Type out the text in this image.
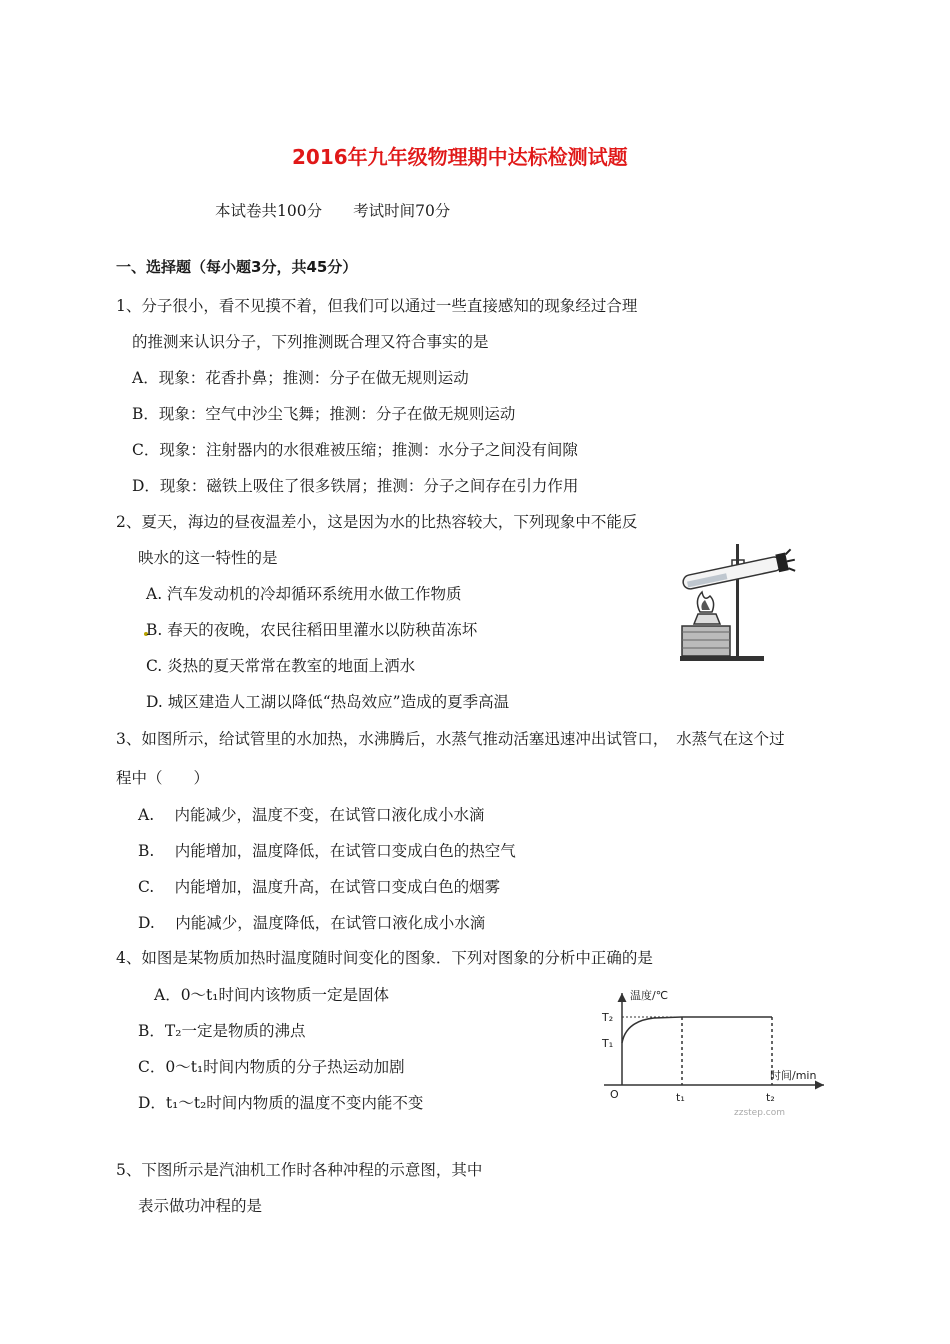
2016年九年级物理期中达标检测试题
本试卷共100分　　考试时间70分
一、选择题（每小题3分，共45分）
1、分子很小，看不见摸不着，但我们可以通过一些直接感知的现象经过合理
的推测来认识分子，下列推测既合理又符合事实的是
A．现象：花香扑鼻；推测：分子在做无规则运动
B．现象：空气中沙尘飞舞；推测：分子在做无规则运动
C．现象：注射器内的水很难被压缩；推测：水分子之间没有间隙
D．现象：磁铁上吸住了很多铁屑；推测：分子之间存在引力作用
2、夏天，海边的昼夜温差小，这是因为水的比热容较大，下列现象中不能反
映水的这一特性的是
A. 汽车发动机的冷却循环系统用水做工作物质
B. 春天的夜晚，农民往稻田里灌水以防秧苗冻坏
C. 炎热的夏天常常在教室的地面上洒水
D. 城区建造人工湖以降低“热岛效应”造成的夏季高温
3、如图所示，给试管里的水加热，水沸腾后，水蒸气推动活塞迅速冲出试管口，　水蒸气在这个过
程中（　　）
A.　 内能减少，温度不变，在试管口液化成小水滴
B.　 内能增加，温度降低，在试管口变成白色的热空气
C.　 内能增加，温度升高，在试管口变成白色的烟雾
D.　 内能减少，温度降低，在试管口液化成小水滴
4、如图是某物质加热时温度随时间变化的图象．下列对图象的分析中正确的是
A．0～t₁时间内该物质一定是固体
B．T₂一定是物质的沸点
C．0～t₁时间内物质的分子热运动加剧
D．t₁～t₂时间内物质的温度不变内能不变
温度/℃
时间/min
T₂
T₁
O	t₁	t₂
zzstep.com
5、下图所示是汽油机工作时各种冲程的示意图，其中
表示做功冲程的是
